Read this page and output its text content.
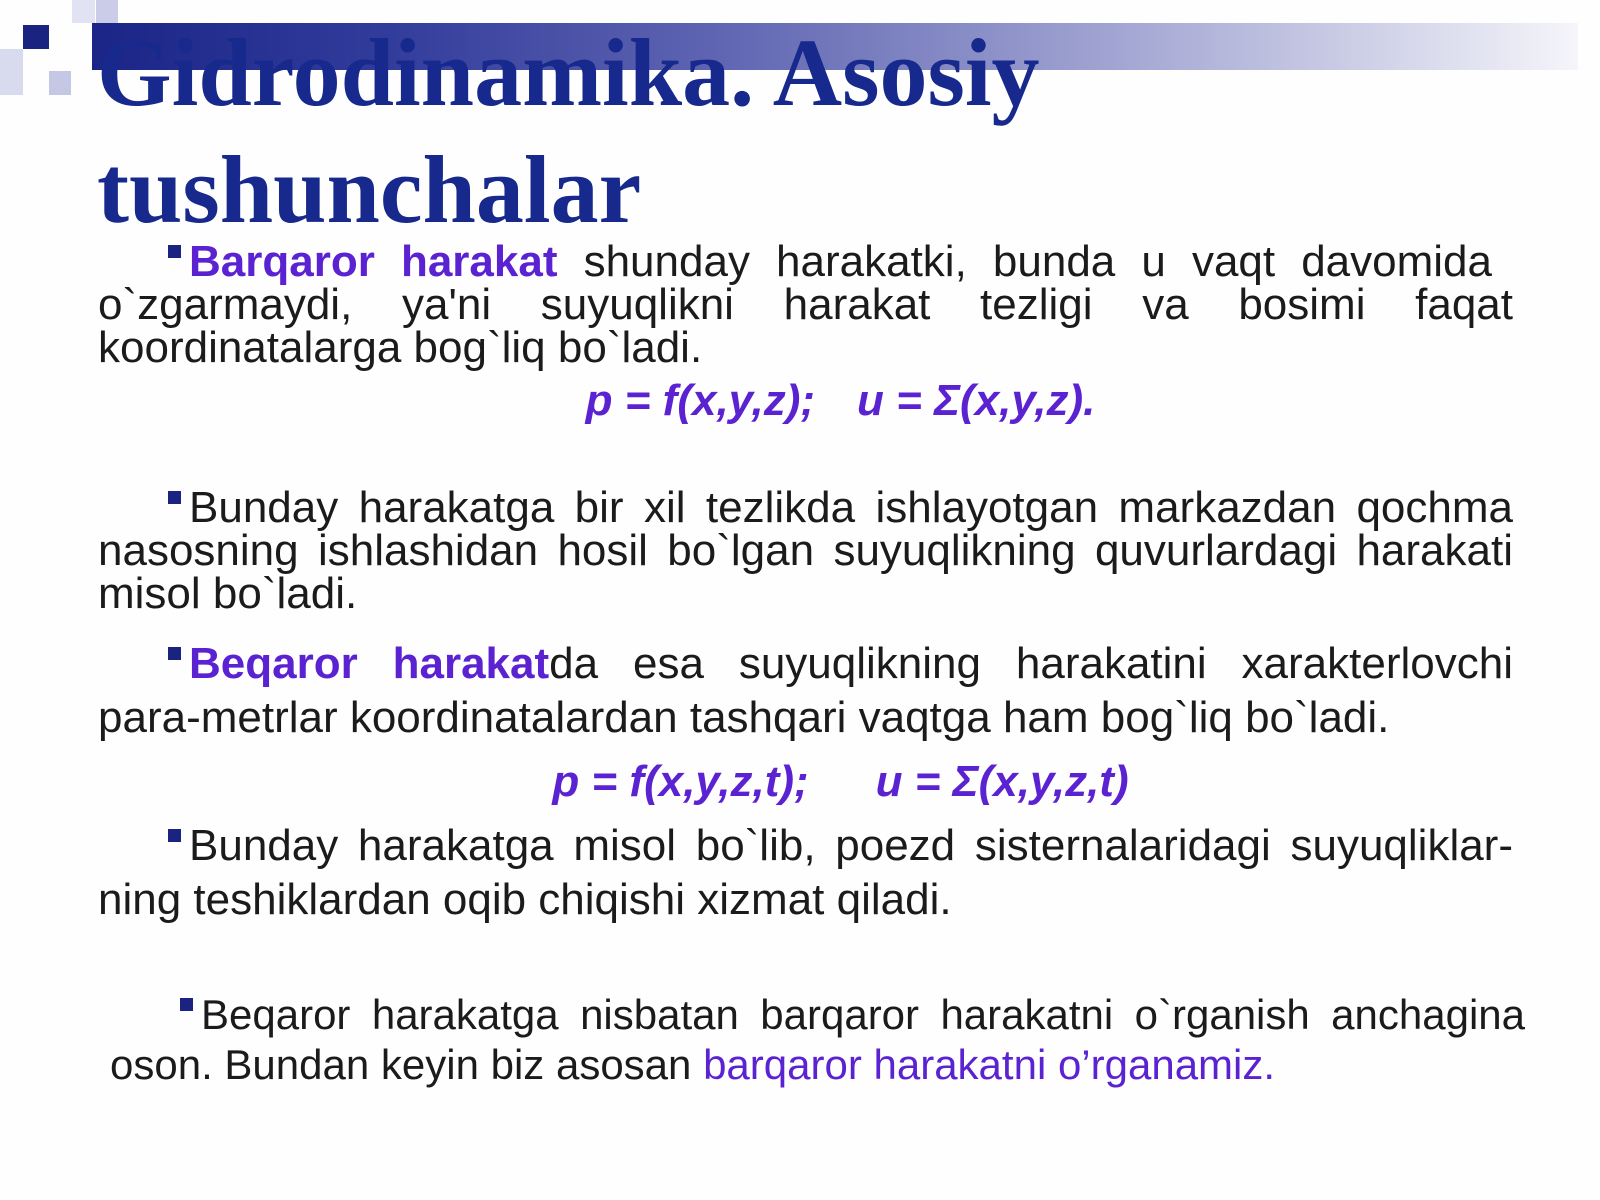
Gidrodinamika. Asosiy tushunchalar
Barqaror harakat shunday harakatki, bunda u vaqt davomida
o`zgarmaydi, ya'ni suyuqlikni harakat tezligi va bosimi faqat
koordinatalarga bog`liq bo`ladi.
p = f(x,y,z); u = Σ(x,y,z).
Bunday harakatga bir xil tezlikda ishlayotgan markazdan qochma
nasosning ishlashidan hosil bo`lgan suyuqlikning quvurlardagi harakati
misol bo`ladi.
Beqaror harakatda esa suyuqlikning harakatini xarakterlovchi
para-metrlar koordinatalardan tashqari vaqtga ham bog`liq bo`ladi.
p = f(x,y,z,t); u = Σ(x,y,z,t)
Bunday harakatga misol bo`lib, poezd sisternalaridagi suyuqliklar-
ning teshiklardan oqib chiqishi xizmat qiladi.
Beqaror harakatga nisbatan barqaror harakatni o`rganish anchagina
oson. Bundan keyin biz asosan barqaror harakatni o’rganamiz.
